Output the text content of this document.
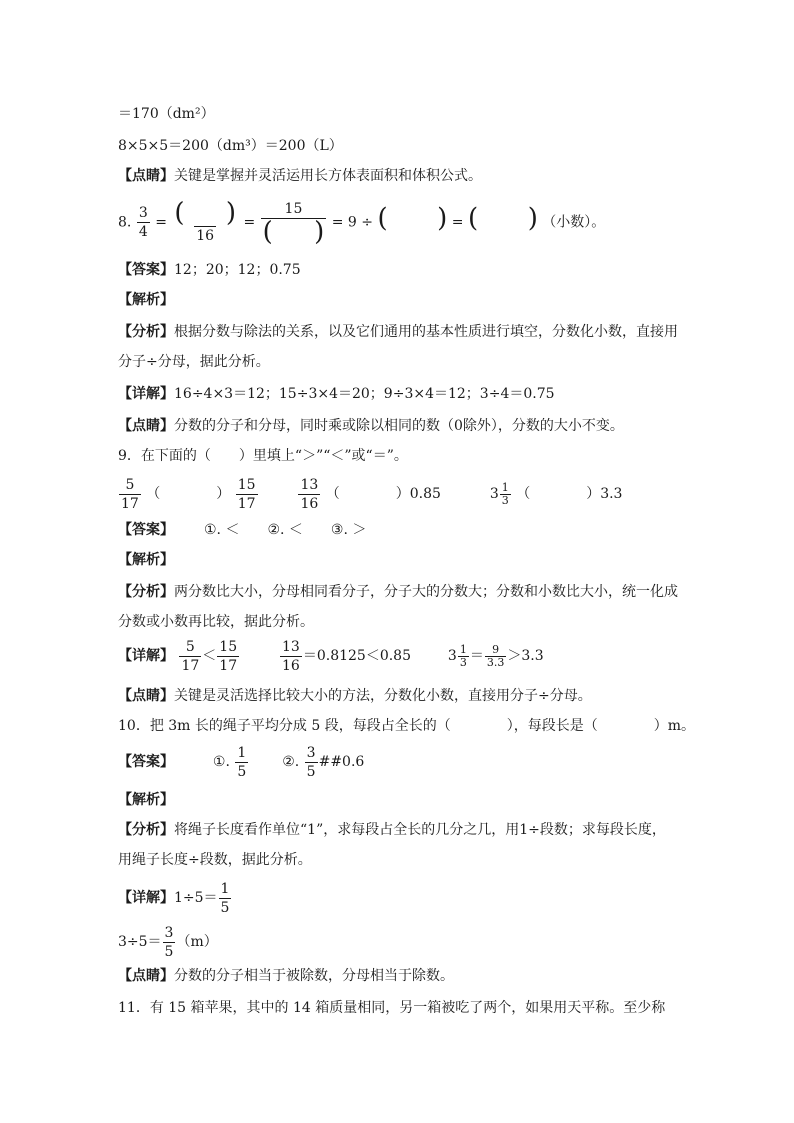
＝170（dm²）
8×5×5＝200（dm³）＝200（L）
【点睛】关键是掌握并灵活运用长方体表面积和体积公式。
8. $\frac{3}{4} = \frac{( )}{16} = \frac{15}{( )} = 9$ ÷ (      ) = (      ) （小数）。
【答案】12；20；12；0.75
【解析】
【分析】根据分数与除法的关系，以及它们通用的基本性质进行填空，分数化小数，直接用
分子÷分母，据此分析。
【详解】16÷4×3＝12；15÷3×4＝20；9÷3×4＝12；3÷4＝0.75
【点睛】分数的分子和分母，同时乘或除以相同的数（0除外），分数的大小不变。
9．在下面的（　　）里填上“＞”“＜”或“＝”。
$\frac{5}{17}$ （　　　　） $\frac{15}{17}$
	$\frac{13}{16}$ （　　　　）0.85	$3 \frac{1}{3}$ （　　　　）3.3
【答案】 ①. ＜　　②. ＜　　③. ＞
【解析】
【分析】两分数比大小，分母相同看分子，分子大的分数大；分数和小数比大小，统一化成
分数或小数再比较，据此分析。
【详解】 $\frac{5}{17} < \frac{15}{17}$
	$\frac{13}{16} =0.8125<0.85$	$3 \frac{1}{3} = \frac{9}{3.3} >3.3$
【点睛】关键是灵活选择比较大小的方法，分数化小数，直接用分子÷分母。
10．把 3m 长的绳子平均分成 5 段，每段占全长的（　　　　），每段长是（　　　　）m。
【答案】	①. $\frac{1}{5}$ ②. $\frac{3}{5}$ ##0.6
【解析】
【分析】将绳子长度看作单位“1”，求每段占全长的几分之几，用1÷段数；求每段长度，
用绳子长度÷段数，据此分析。
【详解】$1\div 5= \frac{1}{5}$
$3\div 5= \frac{3}{5} (m)$
【点睛】分数的分子相当于被除数，分母相当于除数。
11．有 15 箱苹果，其中的 14 箱质量相同，另一箱被吃了两个，如果用天平称。至少称
